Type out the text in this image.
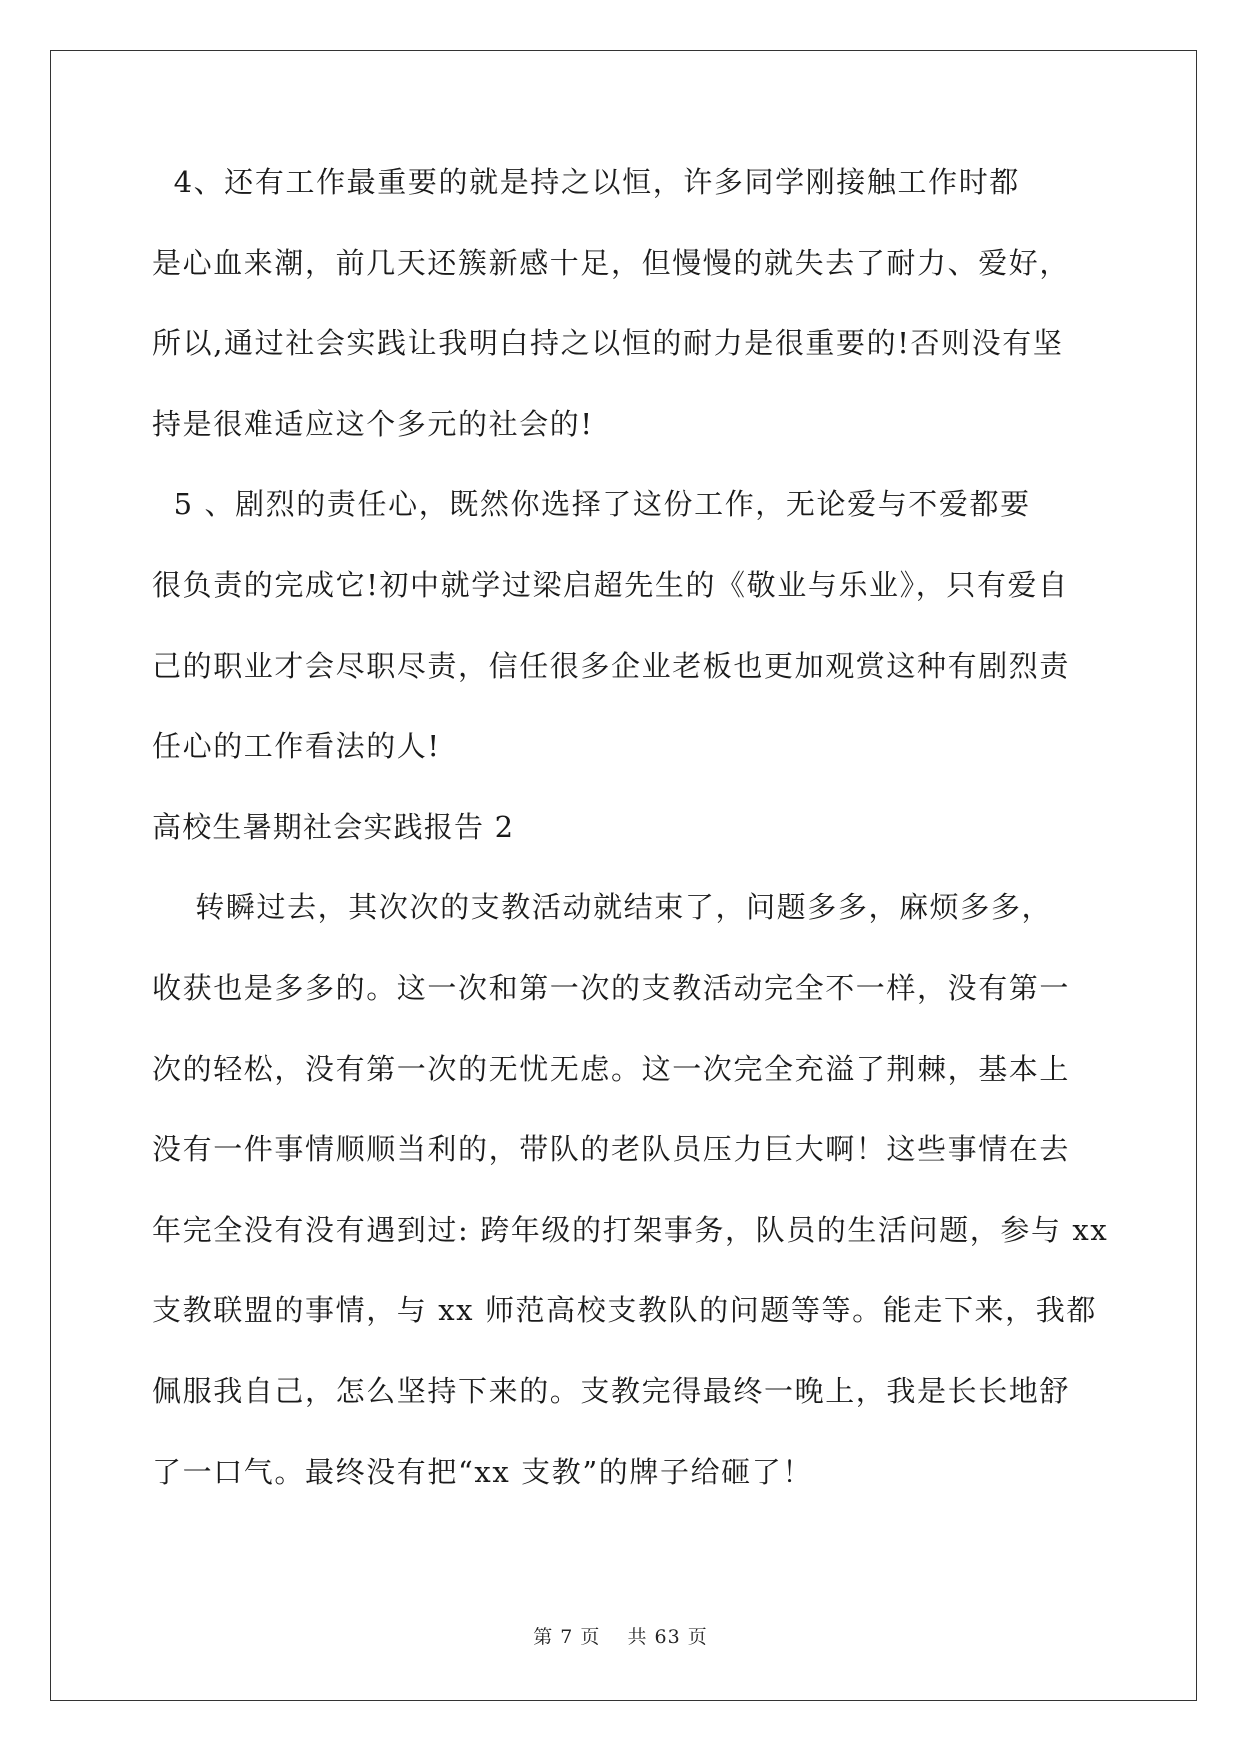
4、还有工作最重要的就是持之以恒，许多同学刚接触工作时都
是心血来潮，前几天还簇新感十足，但慢慢的就失去了耐力、爱好，
所以,通过社会实践让我明白持之以恒的耐力是很重要的!否则没有坚
持是很难适应这个多元的社会的!
5 、剧烈的责任心，既然你选择了这份工作，无论爱与不爱都要
很负责的完成它!初中就学过梁启超先生的《敬业与乐业》，只有爱自
己的职业才会尽职尽责，信任很多企业老板也更加观赏这种有剧烈责
任心的工作看法的人!
高校生暑期社会实践报告 2
转瞬过去，其次次的支教活动就结束了，问题多多，麻烦多多，
收获也是多多的。这一次和第一次的支教活动完全不一样，没有第一
次的轻松，没有第一次的无忧无虑。这一次完全充溢了荆棘，基本上
没有一件事情顺顺当利的，带队的老队员压力巨大啊！这些事情在去
年完全没有没有遇到过: 跨年级的打架事务，队员的生活问题，参与 xx
支教联盟的事情，与 xx 师范高校支教队的问题等等。能走下来，我都
佩服我自己，怎么坚持下来的。支教完得最终一晚上，我是长长地舒
了一口气。最终没有把“xx 支教”的牌子给砸了！
第 7 页 共 63 页
